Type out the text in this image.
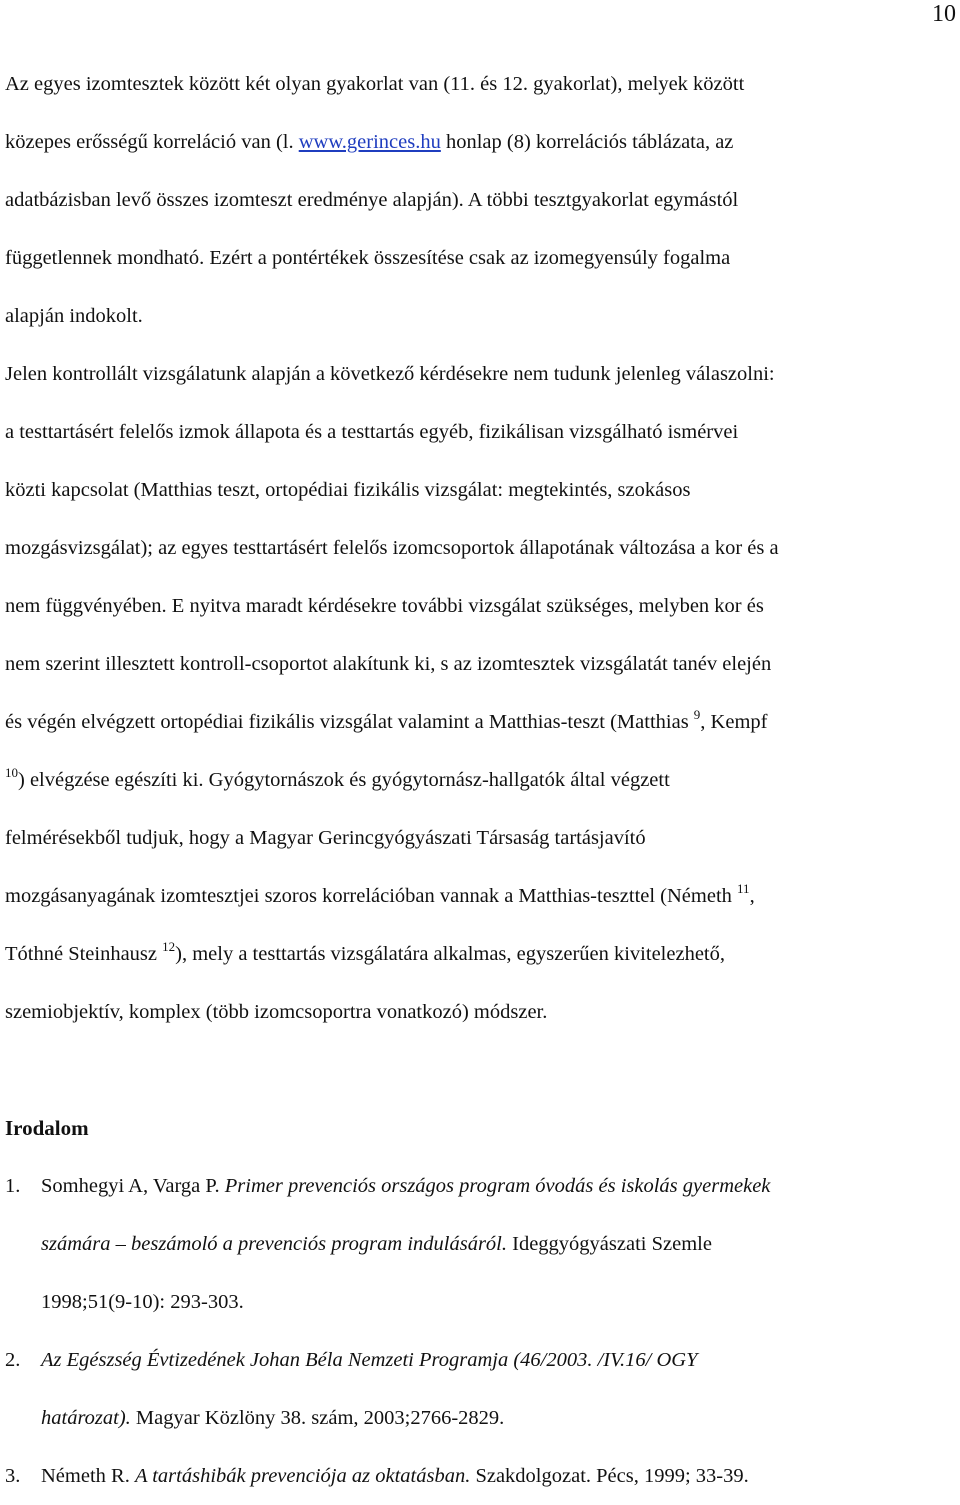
10
Az egyes izomtesztek között két olyan gyakorlat van (11. és 12. gyakorlat), melyek között
közepes erősségű korreláció van (l. www.gerinces.hu honlap (8) korrelációs táblázata, az
adatbázisban levő összes izomteszt eredménye alapján). A többi tesztgyakorlat egymástól
függetlennek mondható. Ezért a pontértékek összesítése csak az izomegyensúly fogalma
alapján indokolt.
Jelen kontrollált vizsgálatunk alapján a következő kérdésekre nem tudunk jelenleg válaszolni:
a testtartásért felelős izmok állapota és a testtartás egyéb, fizikálisan vizsgálható ismérvei
közti kapcsolat (Matthias teszt, ortopédiai fizikális vizsgálat: megtekintés, szokásos
mozgásvizsgálat); az egyes testtartásért felelős izomcsoportok állapotának változása a kor és a
nem függvényében. E nyitva maradt kérdésekre további vizsgálat szükséges, melyben kor és
nem szerint illesztett kontroll-csoportot alakítunk ki, s az izomtesztek vizsgálatát tanév elején
és végén elvégzett ortopédiai fizikális vizsgálat valamint a Matthias-teszt (Matthias $^9$, Kempf
$^{10}$) elvégzése egészíti ki. Gyógytornászok és gyógytornász-hallgatók által végzett
felmérésekből tudjuk, hogy a Magyar Gerincgyógyászati Társaság tartásjavító
mozgásanyagának izomtesztjei szoros korrelációban vannak a Matthias-teszttel (Németh $^{11}$,
Tóthné Steinhausz $^{12}$), mely a testtartás vizsgálatára alkalmas, egyszerűen kivitelezhető,
szemiobjektív, komplex (több izomcsoportra vonatkozó) módszer.
Irodalom
1. Somhegyi A, Varga P. Primer prevenciós országos program óvodás és iskolás gyermekek
számára – beszámoló a prevenciós program indulásáról. Ideggyógyászati Szemle
1998;51(9-10): 293-303.
2. Az Egészség Évtizedének Johan Béla Nemzeti Programja (46/2003. /IV.16/ OGY
határozat). Magyar Közlöny 38. szám, 2003;2766-2829.
3. Németh R. A tartáshibák prevenciója az oktatásban. Szakdolgozat. Pécs, 1999; 33-39.
